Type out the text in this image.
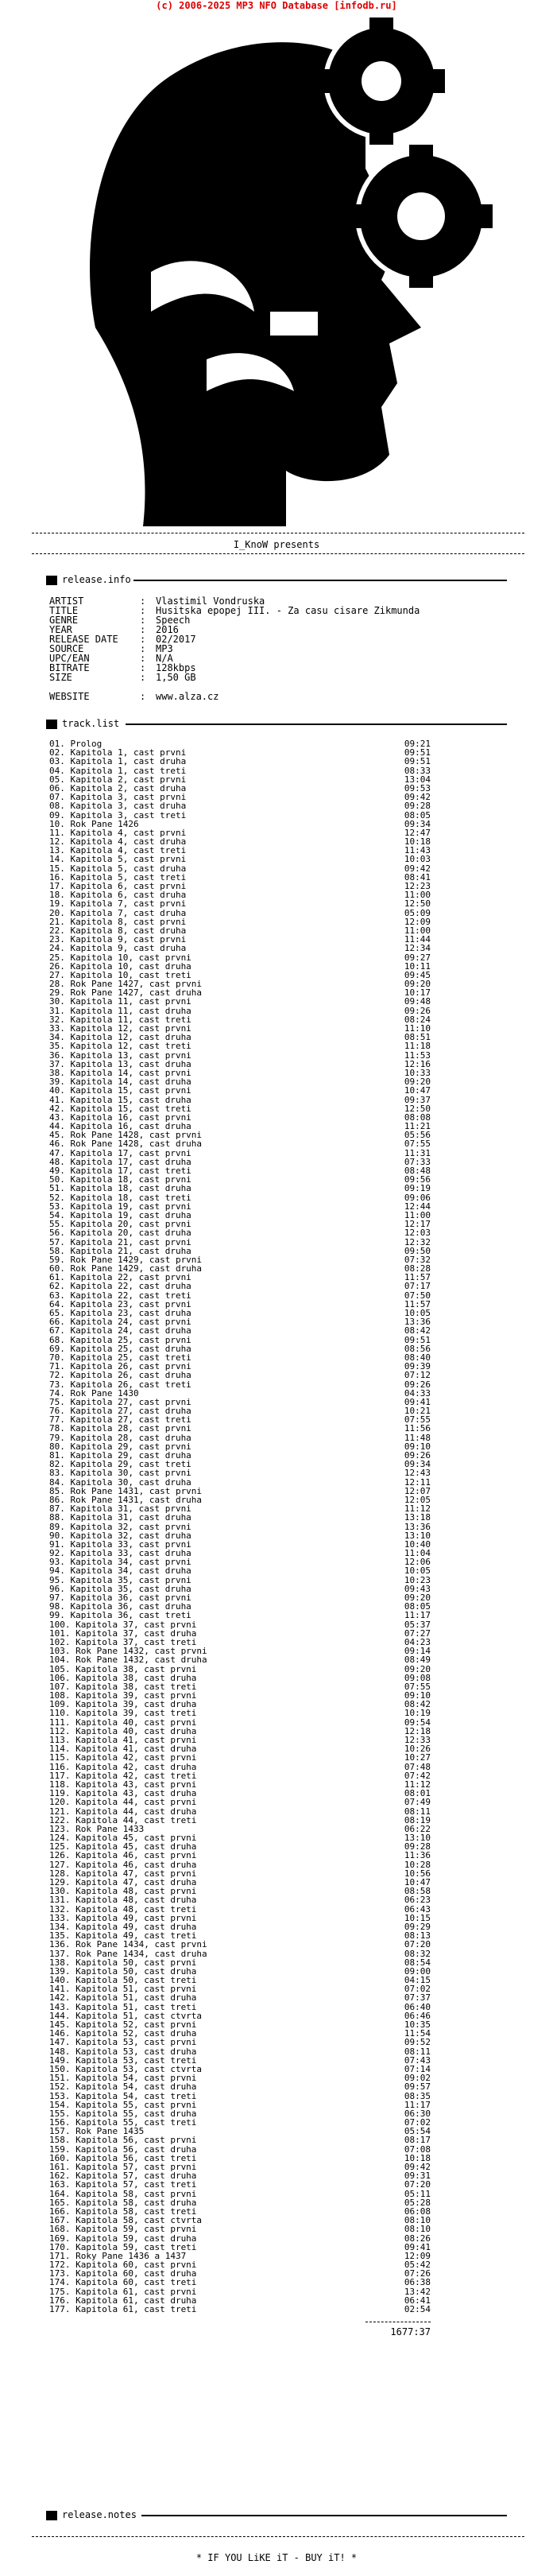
(c) 2006-2025 MP3 NFO Database [infodb.ru]
I_KnoW presents
release.info
ARTIST	: Vlastimil Vondruska
TITLE	: Husitska epopej III. - Za casu cisare Zikmunda
GENRE	: Speech
YEAR	: 2016
RELEASE DATE : 02/2017
SOURCE	: MP3
UPC/EAN	: N/A
BITRATE	: 128kbps
SIZE	: 1,50 GB
WEBSITE	: www.alza.cz
track.list
01. Prolog	09:21
02. Kapitola 1, cast prvni	09:51
03. Kapitola 1, cast druha	09:51
04. Kapitola 1, cast treti	08:33
05. Kapitola 2, cast prvni	13:04
06. Kapitola 2, cast druha	09:53
07. Kapitola 3, cast prvni	09:42
08. Kapitola 3, cast druha	09:28
09. Kapitola 3, cast treti	08:05
10. Rok Pane 1426	09:34
11. Kapitola 4, cast prvni	12:47
12. Kapitola 4, cast druha	10:18
13. Kapitola 4, cast treti	11:43
14. Kapitola 5, cast prvni	10:03
15. Kapitola 5, cast druha	09:42
16. Kapitola 5, cast treti	08:41
17. Kapitola 6, cast prvni	12:23
18. Kapitola 6, cast druha	11:00
19. Kapitola 7, cast prvni	12:50
20. Kapitola 7, cast druha	05:09
21. Kapitola 8, cast prvni	12:09
22. Kapitola 8, cast druha	11:00
23. Kapitola 9, cast prvni	11:44
24. Kapitola 9, cast druha	12:34
25. Kapitola 10, cast prvni	09:27
26. Kapitola 10, cast druha	10:11
27. Kapitola 10, cast treti	09:45
28. Rok Pane 1427, cast prvni	09:20
29. Rok Pane 1427, cast druha	10:17
30. Kapitola 11, cast prvni	09:48
31. Kapitola 11, cast druha	09:26
32. Kapitola 11, cast treti	08:24
33. Kapitola 12, cast prvni	11:10
34. Kapitola 12, cast druha	08:51
35. Kapitola 12, cast treti	11:18
36. Kapitola 13, cast prvni	11:53
37. Kapitola 13, cast druha	12:16
38. Kapitola 14, cast prvni	10:33
39. Kapitola 14, cast druha	09:20
40. Kapitola 15, cast prvni	10:47
41. Kapitola 15, cast druha	09:37
42. Kapitola 15, cast treti	12:50
43. Kapitola 16, cast prvni	08:08
44. Kapitola 16, cast druha	11:21
45. Rok Pane 1428, cast prvni	05:56
46. Rok Pane 1428, cast druha	07:55
47. Kapitola 17, cast prvni	11:31
48. Kapitola 17, cast druha	07:33
49. Kapitola 17, cast treti	08:48
50. Kapitola 18, cast prvni	09:56
51. Kapitola 18, cast druha	09:19
52. Kapitola 18, cast treti	09:06
53. Kapitola 19, cast prvni	12:44
54. Kapitola 19, cast druha	11:00
55. Kapitola 20, cast prvni	12:17
56. Kapitola 20, cast druha	12:03
57. Kapitola 21, cast prvni	12:32
58. Kapitola 21, cast druha	09:50
59. Rok Pane 1429, cast prvni	07:32
60. Rok Pane 1429, cast druha	08:28
61. Kapitola 22, cast prvni	11:57
62. Kapitola 22, cast druha	07:17
63. Kapitola 22, cast treti	07:50
64. Kapitola 23, cast prvni	11:57
65. Kapitola 23, cast druha	10:05
66. Kapitola 24, cast prvni	13:36
67. Kapitola 24, cast druha	08:42
68. Kapitola 25, cast prvni	09:51
69. Kapitola 25, cast druha	08:56
70. Kapitola 25, cast treti	08:40
71. Kapitola 26, cast prvni	09:39
72. Kapitola 26, cast druha	07:12
73. Kapitola 26, cast treti	09:26
74. Rok Pane 1430	04:33
75. Kapitola 27, cast prvni	09:41
76. Kapitola 27, cast druha	10:21
77. Kapitola 27, cast treti	07:55
78. Kapitola 28, cast prvni	11:56
79. Kapitola 28, cast druha	11:48
80. Kapitola 29, cast prvni	09:10
81. Kapitola 29, cast druha	09:26
82. Kapitola 29, cast treti	09:34
83. Kapitola 30, cast prvni	12:43
84. Kapitola 30, cast druha	12:11
85. Rok Pane 1431, cast prvni	12:07
86. Rok Pane 1431, cast druha	12:05
87. Kapitola 31, cast prvni	11:12
88. Kapitola 31, cast druha	13:18
89. Kapitola 32, cast prvni	13:36
90. Kapitola 32, cast druha	13:10
91. Kapitola 33, cast prvni	10:40
92. Kapitola 33, cast druha	11:04
93. Kapitola 34, cast prvni	12:06
94. Kapitola 34, cast druha	10:05
95. Kapitola 35, cast prvni	10:23
96. Kapitola 35, cast druha	09:43
97. Kapitola 36, cast prvni	09:20
98. Kapitola 36, cast druha	08:05
99. Kapitola 36, cast treti	11:17
100. Kapitola 37, cast prvni	05:37
101. Kapitola 37, cast druha	07:27
102. Kapitola 37, cast treti	04:23
103. Rok Pane 1432, cast prvni	09:14
104. Rok Pane 1432, cast druha	08:49
105. Kapitola 38, cast prvni	09:20
106. Kapitola 38, cast druha	09:08
107. Kapitola 38, cast treti	07:55
108. Kapitola 39, cast prvni	09:10
109. Kapitola 39, cast druha	08:42
110. Kapitola 39, cast treti	10:19
111. Kapitola 40, cast prvni	09:54
112. Kapitola 40, cast druha	12:18
113. Kapitola 41, cast prvni	12:33
114. Kapitola 41, cast druha	10:26
115. Kapitola 42, cast prvni	10:27
116. Kapitola 42, cast druha	07:48
117. Kapitola 42, cast treti	07:42
118. Kapitola 43, cast prvni	11:12
119. Kapitola 43, cast druha	08:01
120. Kapitola 44, cast prvni	07:49
121. Kapitola 44, cast druha	08:11
122. Kapitola 44, cast treti	08:19
123. Rok Pane 1433	06:22
124. Kapitola 45, cast prvni	13:10
125. Kapitola 45, cast druha	09:28
126. Kapitola 46, cast prvni	11:36
127. Kapitola 46, cast druha	10:28
128. Kapitola 47, cast prvni	10:56
129. Kapitola 47, cast druha	10:47
130. Kapitola 48, cast prvni	08:58
131. Kapitola 48, cast druha	06:23
132. Kapitola 48, cast treti	06:43
133. Kapitola 49, cast prvni	10:15
134. Kapitola 49, cast druha	09:29
135. Kapitola 49, cast treti	08:13
136. Rok Pane 1434, cast prvni	07:20
137. Rok Pane 1434, cast druha	08:32
138. Kapitola 50, cast prvni	08:54
139. Kapitola 50, cast druha	09:00
140. Kapitola 50, cast treti	04:15
141. Kapitola 51, cast prvni	07:02
142. Kapitola 51, cast druha	07:37
143. Kapitola 51, cast treti	06:40
144. Kapitola 51, cast ctvrta	06:46
145. Kapitola 52, cast prvni	10:35
146. Kapitola 52, cast druha	11:54
147. Kapitola 53, cast prvni	09:52
148. Kapitola 53, cast druha	08:11
149. Kapitola 53, cast treti	07:43
150. Kapitola 53, cast ctvrta	07:14
151. Kapitola 54, cast prvni	09:02
152. Kapitola 54, cast druha	09:57
153. Kapitola 54, cast treti	08:35
154. Kapitola 55, cast prvni	11:17
155. Kapitola 55, cast druha	06:30
156. Kapitola 55, cast treti	07:02
157. Rok Pane 1435	05:54
158. Kapitola 56, cast prvni	08:17
159. Kapitola 56, cast druha	07:08
160. Kapitola 56, cast treti	10:18
161. Kapitola 57, cast prvni	09:42
162. Kapitola 57, cast druha	09:31
163. Kapitola 57, cast treti	07:20
164. Kapitola 58, cast prvni	05:11
165. Kapitola 58, cast druha	05:28
166. Kapitola 58, cast treti	06:08
167. Kapitola 58, cast ctvrta	08:10
168. Kapitola 59, cast prvni	08:10
169. Kapitola 59, cast druha	08:26
170. Kapitola 59, cast treti	09:41
171. Roky Pane 1436 a 1437	12:09
172. Kapitola 60, cast prvni	05:42
173. Kapitola 60, cast druha	07:26
174. Kapitola 60, cast treti	06:38
175. Kapitola 61, cast prvni	13:42
176. Kapitola 61, cast druha	06:41
177. Kapitola 61, cast treti	02:54
1677:37
release.notes
* IF YOU LiKE iT - BUY iT! *
